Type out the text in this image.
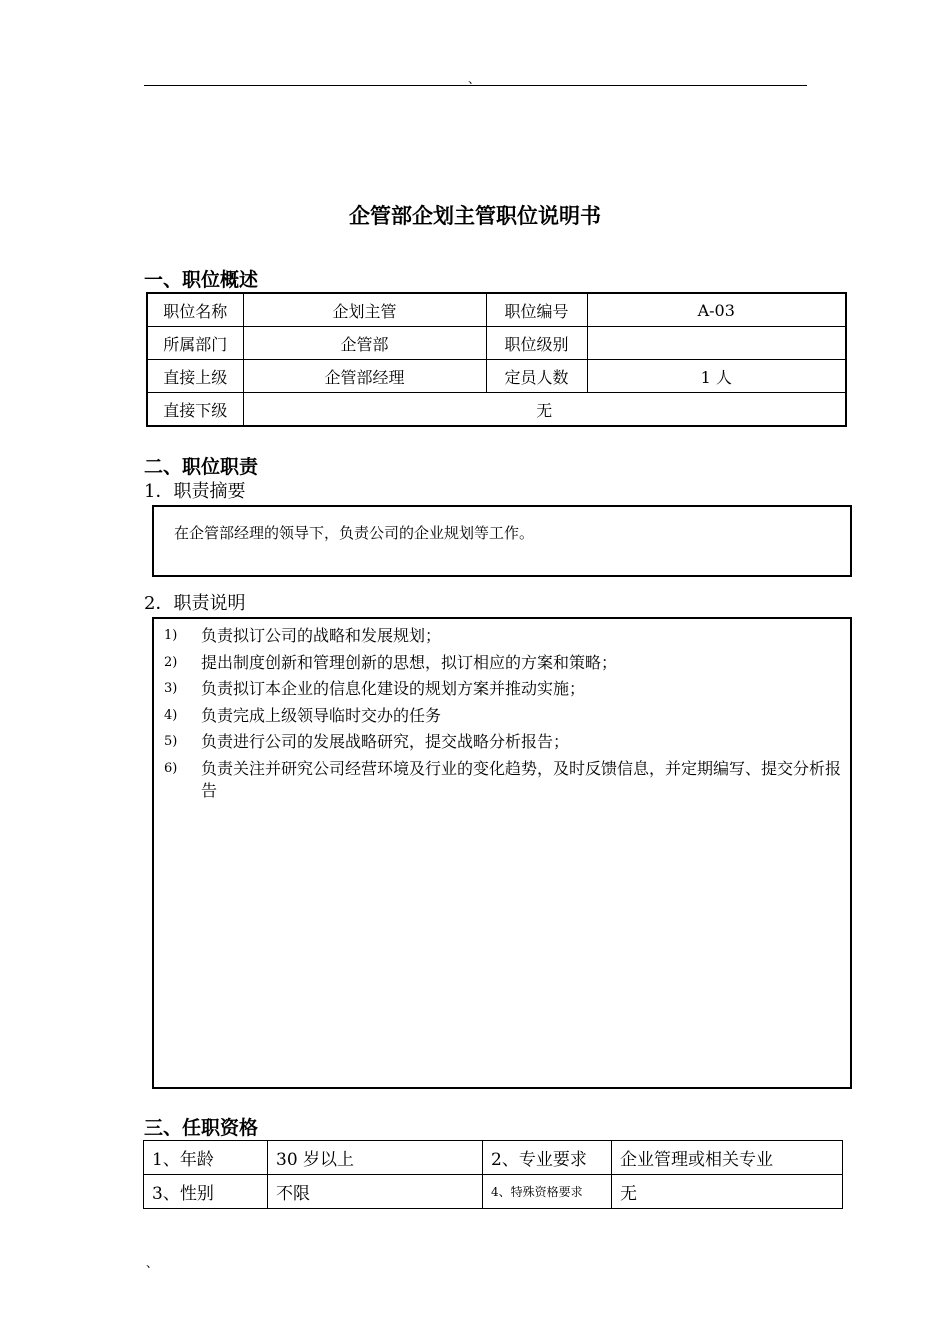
、
企管部企划主管职位说明书
一、职位概述
职位名称	企划主管	职位编号	A-03
所属部门	企管部	职位级别	
直接上级	企管部经理	定员人数	1 人
直接下级	无		
二、职位职责
1．职责摘要
在企管部经理的领导下，负责公司的企业规划等工作。
2．职责说明
1)	负责拟订公司的战略和发展规划；
2)	提出制度创新和管理创新的思想，拟订相应的方案和策略；
3)	负责拟订本企业的信息化建设的规划方案并推动实施；
4)	负责完成上级领导临时交办的任务
5)	负责进行公司的发展战略研究，提交战略分析报告；
6)	负责关注并研究公司经营环境及行业的变化趋势，及时反馈信息，并定期编写、提交分析报告
三、任职资格
1、年龄	30 岁以上	2、专业要求	企业管理或相关专业
3、性别	不限	4、特殊资格要求	无
、
